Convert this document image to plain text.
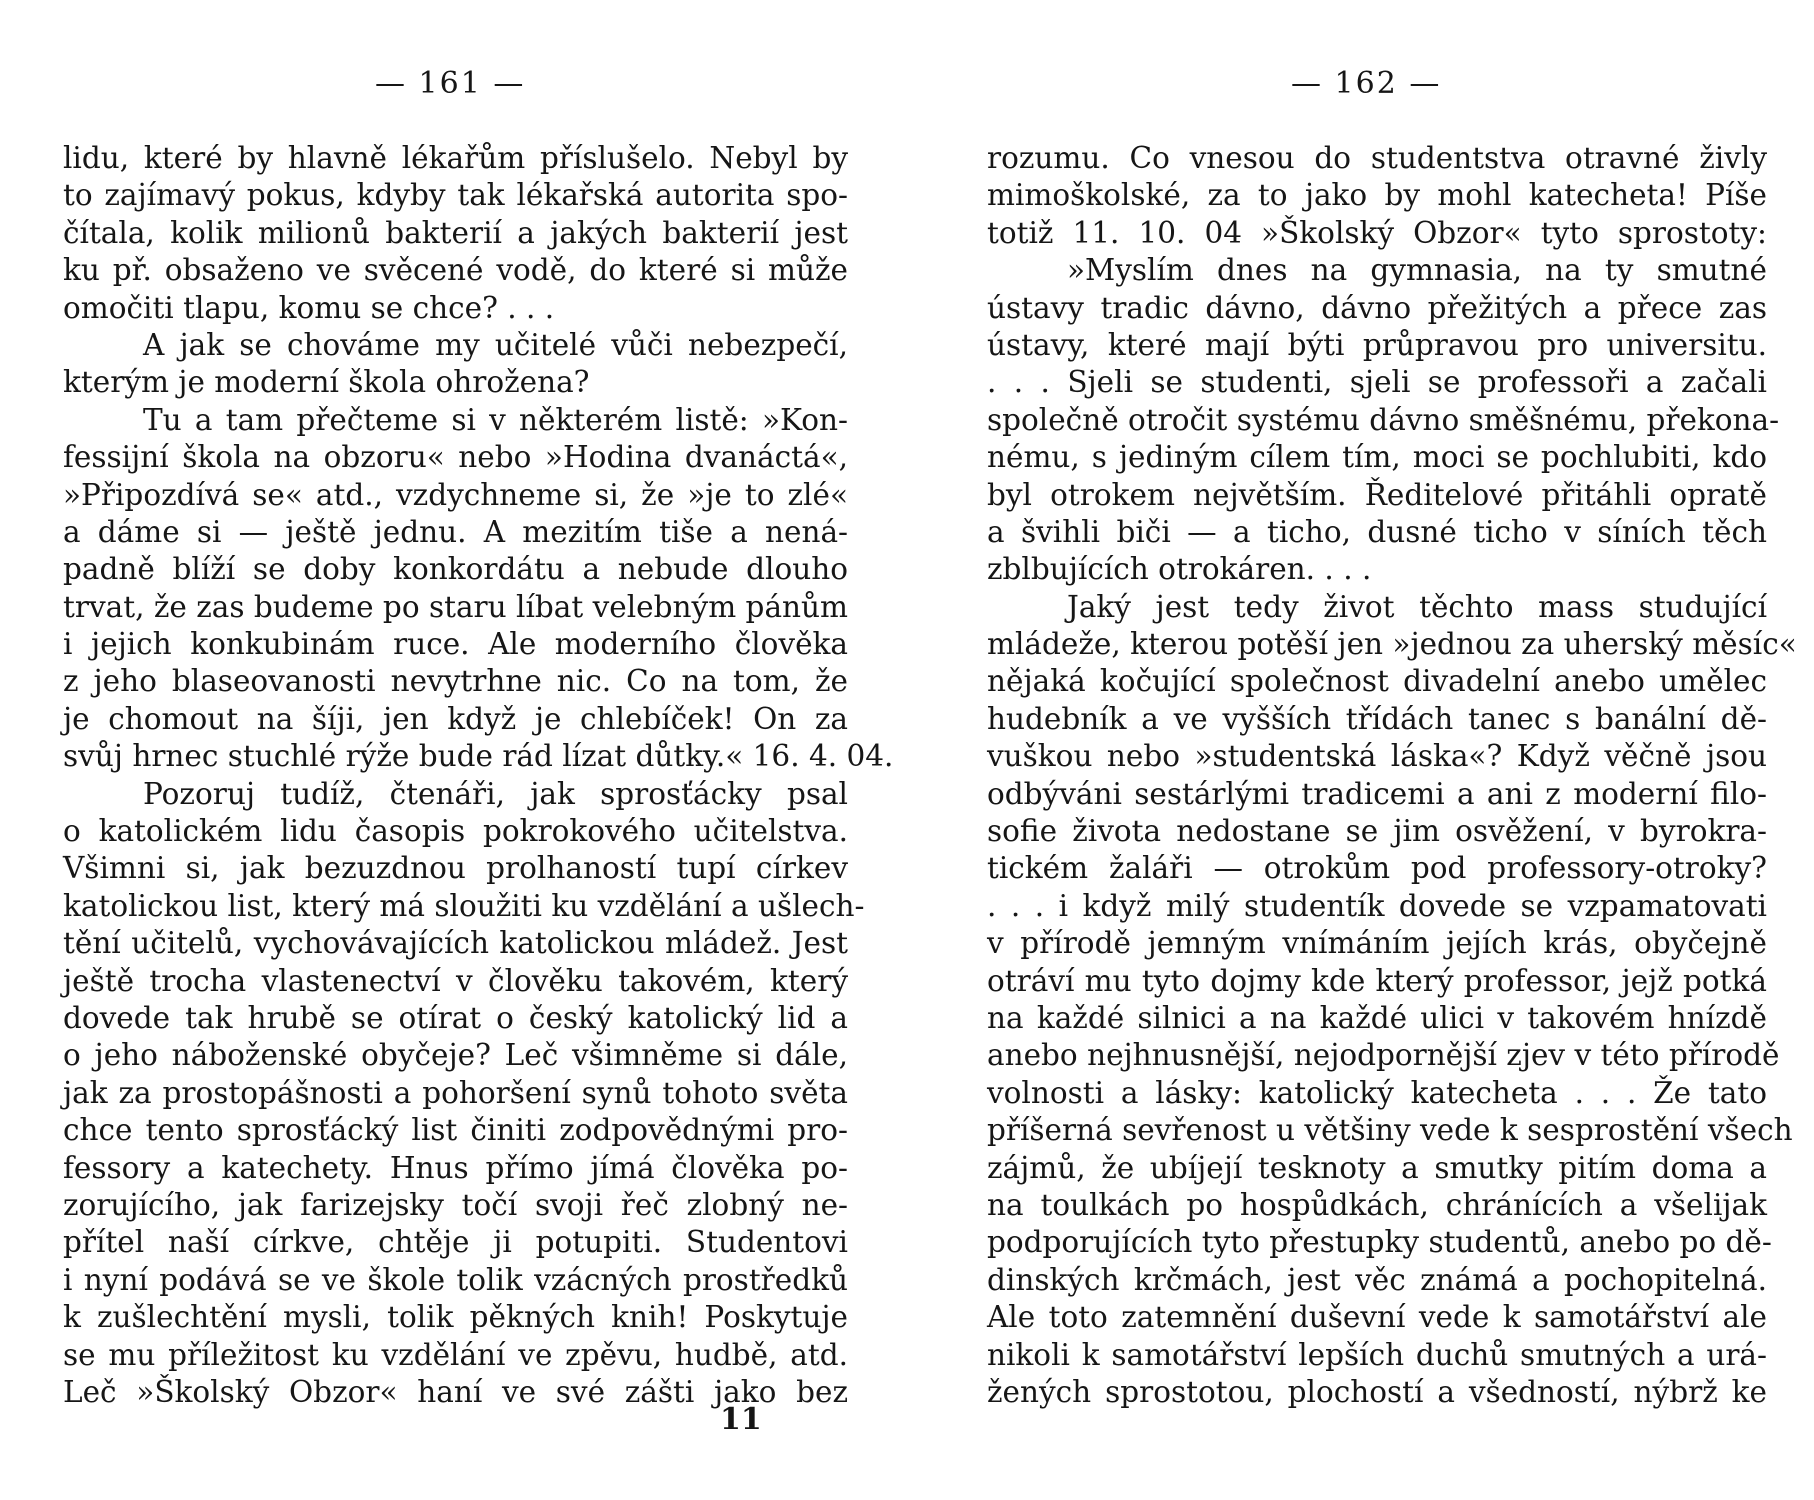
— 161 —
lidu, které by hlavně lékařům příslušelo. Nebyl by
to zajímavý pokus, kdyby tak lékařská autorita spo-
čítala, kolik milionů bakterií a jakých bakterií jest
ku př. obsaženo ve svěcené vodě, do které si může
omočiti tlapu, komu se chce? . . .
A jak se chováme my učitelé vůči nebezpečí,
kterým je moderní škola ohrožena?
Tu a tam přečteme si v některém listě: »Kon-
fessijní škola na obzoru« nebo »Hodina dvanáctá«,
»Připozdívá se« atd., vzdychneme si, že »je to zlé«
a dáme si — ještě jednu. A mezitím tiše a nená-
padně blíží se doby konkordátu a nebude dlouho
trvat, že zas budeme po staru líbat velebným pánům
i jejich konkubinám ruce. Ale moderního člověka
z jeho blaseovanosti nevytrhne nic. Co na tom, že
je chomout na šíji, jen když je chlebíček! On za
svůj hrnec stuchlé rýže bude rád lízat důtky.« 16. 4. 04.
Pozoruj tudíž, čtenáři, jak sprosťácky psal
o katolickém lidu časopis pokrokového učitelstva.
Všimni si, jak bezuzdnou prolhaností tupí církev
katolickou list, který má sloužiti ku vzdělání a ušlech-
tění učitelů, vychovávajících katolickou mládež. Jest
ještě trocha vlastenectví v člověku takovém, který
dovede tak hrubě se otírat o český katolický lid a
o jeho náboženské obyčeje? Leč všimněme si dále,
jak za prostopášnosti a pohoršení synů tohoto světa
chce tento sprosťácký list činiti zodpovědnými pro-
fessory a katechety. Hnus přímo jímá člověka po-
zorujícího, jak farizejsky točí svoji řeč zlobný ne-
přítel naší církve, chtěje ji potupiti. Studentovi
i nyní podává se ve škole tolik vzácných prostředků
k zušlechtění mysli, tolik pěkných knih! Poskytuje
se mu příležitost ku vzdělání ve zpěvu, hudbě, atd.
Leč »Školský Obzor« haní ve své zášti jako bez
11
— 162 —
rozumu. Co vnesou do studentstva otravné živly
mimoškolské, za to jako by mohl katecheta! Píše
totiž 11. 10. 04 »Školský Obzor« tyto sprostoty:
»Myslím dnes na gymnasia, na ty smutné
ústavy tradic dávno, dávno přežitých a přece zas
ústavy, které mají býti průpravou pro universitu.
. . . Sjeli se studenti, sjeli se professoři a začali
společně otročit systému dávno směšnému, překona-
nému, s jediným cílem tím, moci se pochlubiti, kdo
byl otrokem největším. Ředitelové přitáhli opratě
a švihli biči — a ticho, dusné ticho v síních těch
zblbujících otrokáren. . . .
Jaký jest tedy život těchto mass studující
mládeže, kterou potěší jen »jednou za uherský měsíc«
nějaká kočující společnost divadelní anebo umělec
hudebník a ve vyšších třídách tanec s banální dě-
vuškou nebo »studentská láska«? Když věčně jsou
odbýváni sestárlými tradicemi a ani z moderní filo-
sofie života nedostane se jim osvěžení, v byrokra-
tickém žaláři — otrokům pod professory-otroky?
. . . i když milý studentík dovede se vzpamatovati
v přírodě jemným vnímáním jejích krás, obyčejně
otráví mu tyto dojmy kde který professor, jejž potká
na každé silnici a na každé ulici v takovém hnízdě
anebo nejhnusnější, nejodpornější zjev v této přírodě
volnosti a lásky: katolický katecheta . . . Že tato
příšerná sevřenost u většiny vede k sesprostění všech
zájmů, že ubíjejí tesknoty a smutky pitím doma a
na toulkách po hospůdkách, chránících a všelijak
podporujících tyto přestupky studentů, anebo po dě-
dinských krčmách, jest věc známá a pochopitelná.
Ale toto zatemnění duševní vede k samotářství ale
nikoli k samotářství lepších duchů smutných a urá-
žených sprostotou, plochostí a všedností, nýbrž ke
